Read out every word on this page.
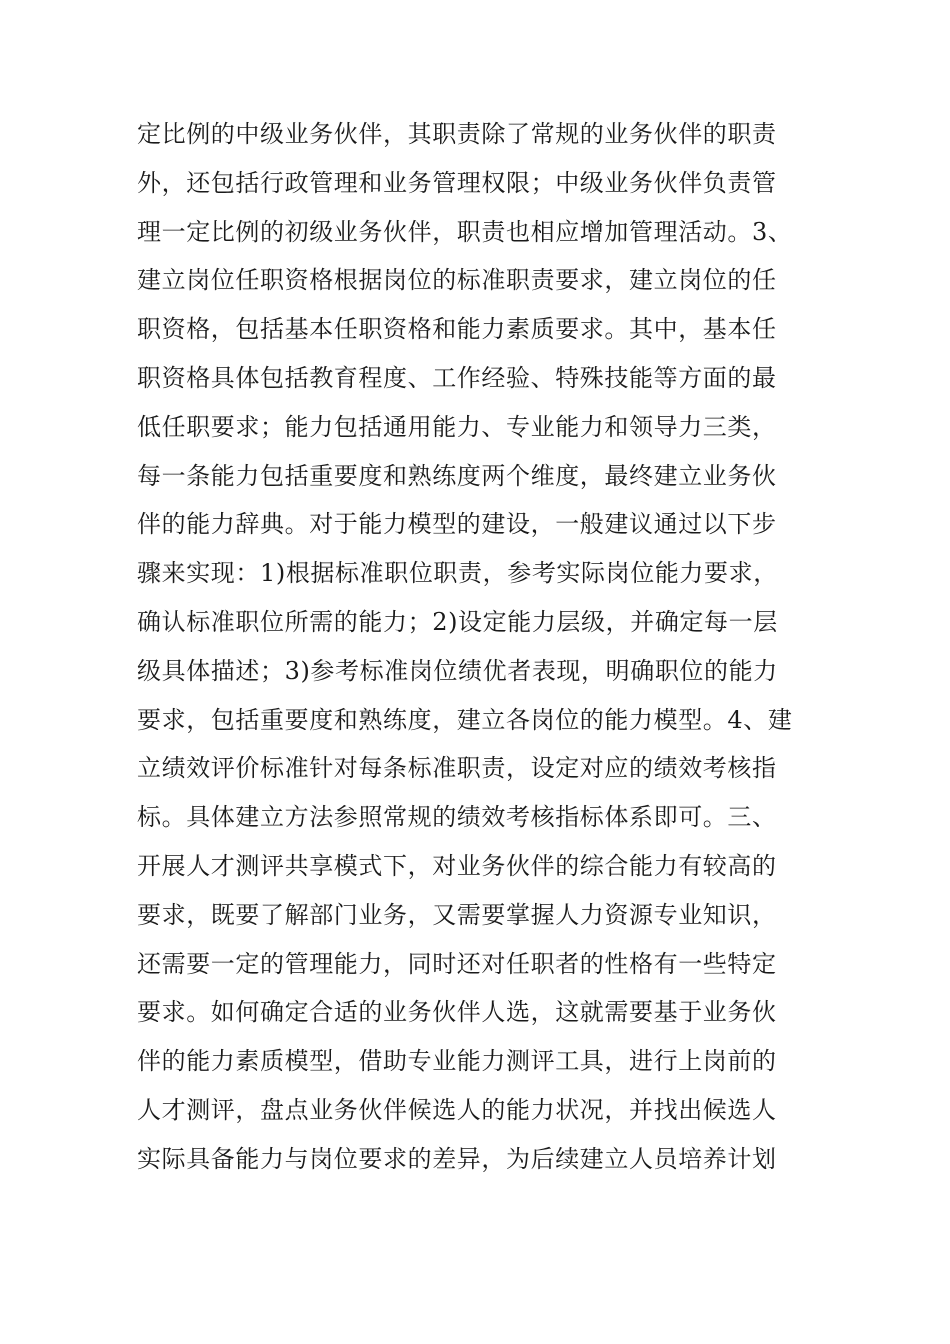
定比例的中级业务伙伴，其职责除了常规的业务伙伴的职责
外，还包括行政管理和业务管理权限；中级业务伙伴负责管
理一定比例的初级业务伙伴，职责也相应增加管理活动。3、
建立岗位任职资格根据岗位的标准职责要求，建立岗位的任
职资格，包括基本任职资格和能力素质要求。其中，基本任
职资格具体包括教育程度、工作经验、特殊技能等方面的最
低任职要求；能力包括通用能力、专业能力和领导力三类，
每一条能力包括重要度和熟练度两个维度，最终建立业务伙
伴的能力辞典。对于能力模型的建设，一般建议通过以下步
骤来实现：1)根据标准职位职责，参考实际岗位能力要求，
确认标准职位所需的能力；2)设定能力层级，并确定每一层
级具体描述；3)参考标准岗位绩优者表现，明确职位的能力
要求，包括重要度和熟练度，建立各岗位的能力模型。4、建
立绩效评价标准针对每条标准职责，设定对应的绩效考核指
标。具体建立方法参照常规的绩效考核指标体系即可。三、
开展人才测评共享模式下，对业务伙伴的综合能力有较高的
要求，既要了解部门业务，又需要掌握人力资源专业知识，
还需要一定的管理能力，同时还对任职者的性格有一些特定
要求。如何确定合适的业务伙伴人选，这就需要基于业务伙
伴的能力素质模型，借助专业能力测评工具，进行上岗前的
人才测评，盘点业务伙伴候选人的能力状况，并找出候选人
实际具备能力与岗位要求的差异，为后续建立人员培养计划
